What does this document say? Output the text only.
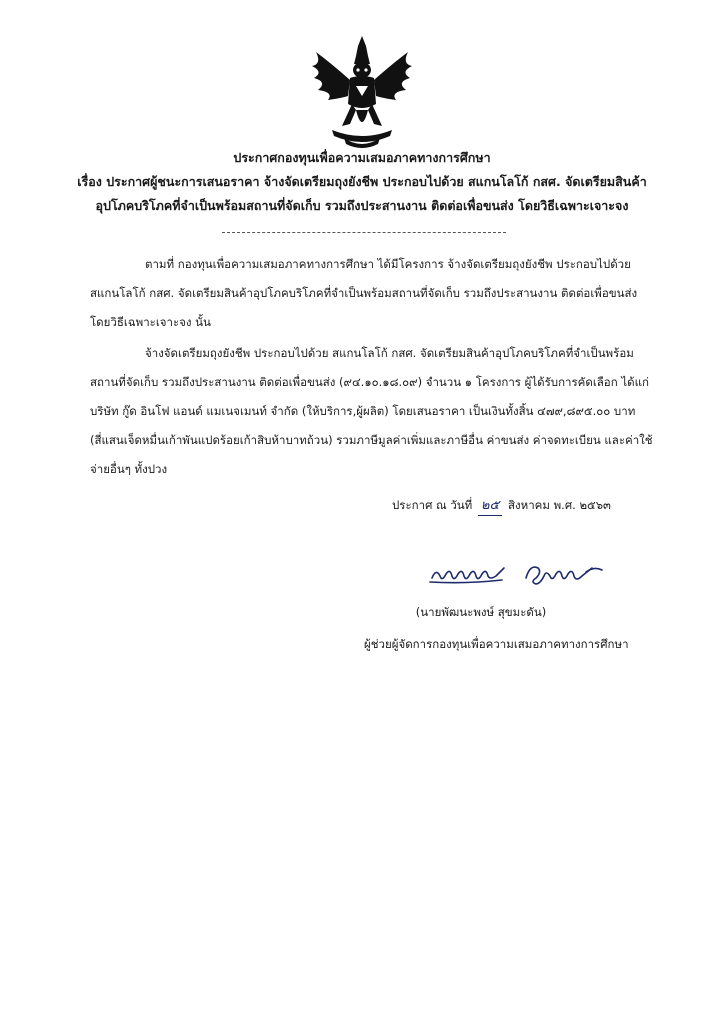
ประกาศกองทุนเพื่อความเสมอภาคทางการศึกษา
เรื่อง ประกาศผู้ชนะการเสนอราคา จ้างจัดเตรียมถุงยังชีพ ประกอบไปด้วย สแกนโลโก้ กสศ. จัดเตรียมสินค้า
อุปโภคบริโภคที่จำเป็นพร้อมสถานที่จัดเก็บ รวมถึงประสานงาน ติดต่อเพื่อขนส่ง โดยวิธีเฉพาะเจาะจง
ตามที่ กองทุนเพื่อความเสมอภาคทางการศึกษา ได้มีโครงการ จ้างจัดเตรียมถุงยังชีพ ประกอบไปด้วย
สแกนโลโก้ กสศ. จัดเตรียมสินค้าอุปโภคบริโภคที่จำเป็นพร้อมสถานที่จัดเก็บ รวมถึงประสานงาน ติดต่อเพื่อขนส่ง
โดยวิธีเฉพาะเจาะจง นั้น
จ้างจัดเตรียมถุงยังชีพ ประกอบไปด้วย สแกนโลโก้ กสศ. จัดเตรียมสินค้าอุปโภคบริโภคที่จำเป็นพร้อม
สถานที่จัดเก็บ รวมถึงประสานงาน ติดต่อเพื่อขนส่ง (๙๔.๑๐.๑๘.๐๙) จำนวน ๑ โครงการ ผู้ได้รับการคัดเลือก ได้แก่
บริษัท กู๊ด อินโฟ แอนด์ แมเนจเมนท์ จำกัด (ให้บริการ,ผู้ผลิต) โดยเสนอราคา เป็นเงินทั้งสิ้น ๔๗๙,๘๙๕.๐๐ บาท
(สี่แสนเจ็ดหมื่นเก้าพันแปดร้อยเก้าสิบห้าบาทถ้วน) รวมภาษีมูลค่าเพิ่มและภาษีอื่น ค่าขนส่ง ค่าจดทะเบียน และค่าใช้
จ่ายอื่นๆ ทั้งปวง
ประกาศ ณ วันที่ ๒๕ สิงหาคม พ.ศ. ๒๕๖๓
(นายพัฒนะพงษ์ สุขมะดัน)
ผู้ช่วยผู้จัดการกองทุนเพื่อความเสมอภาคทางการศึกษา
